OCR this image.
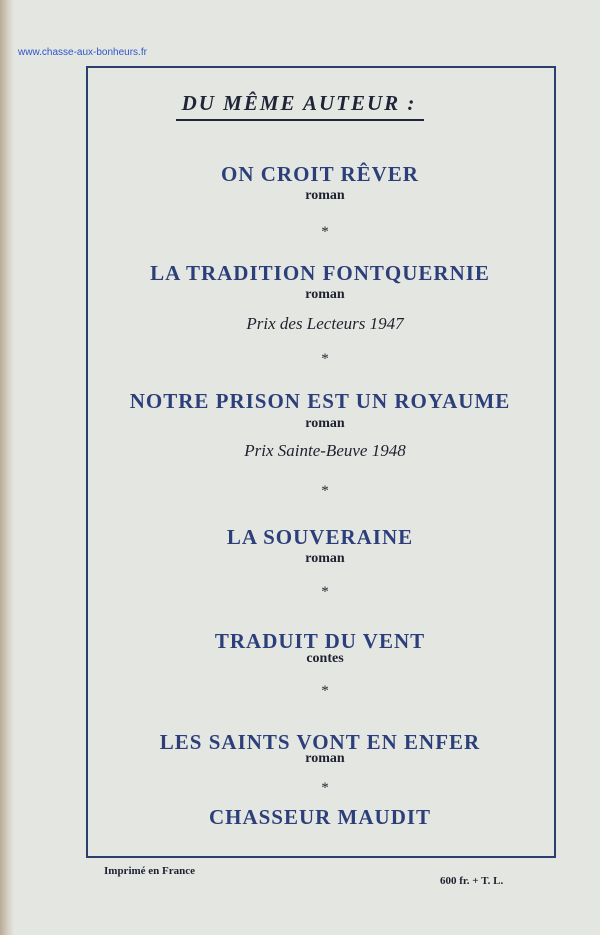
www.chasse-aux-bonheurs.fr
DU MÊME AUTEUR :
ON CROIT RÊVER
roman
*
LA TRADITION FONTQUERNIE
roman
Prix des Lecteurs 1947
*
NOTRE PRISON EST UN ROYAUME
roman
Prix Sainte-Beuve 1948
*
LA SOUVERAINE
roman
*
TRADUIT DU VENT
contes
*
LES SAINTS VONT EN ENFER
roman
*
CHASSEUR MAUDIT
Imprimé en France
600 fr. + T. L.
